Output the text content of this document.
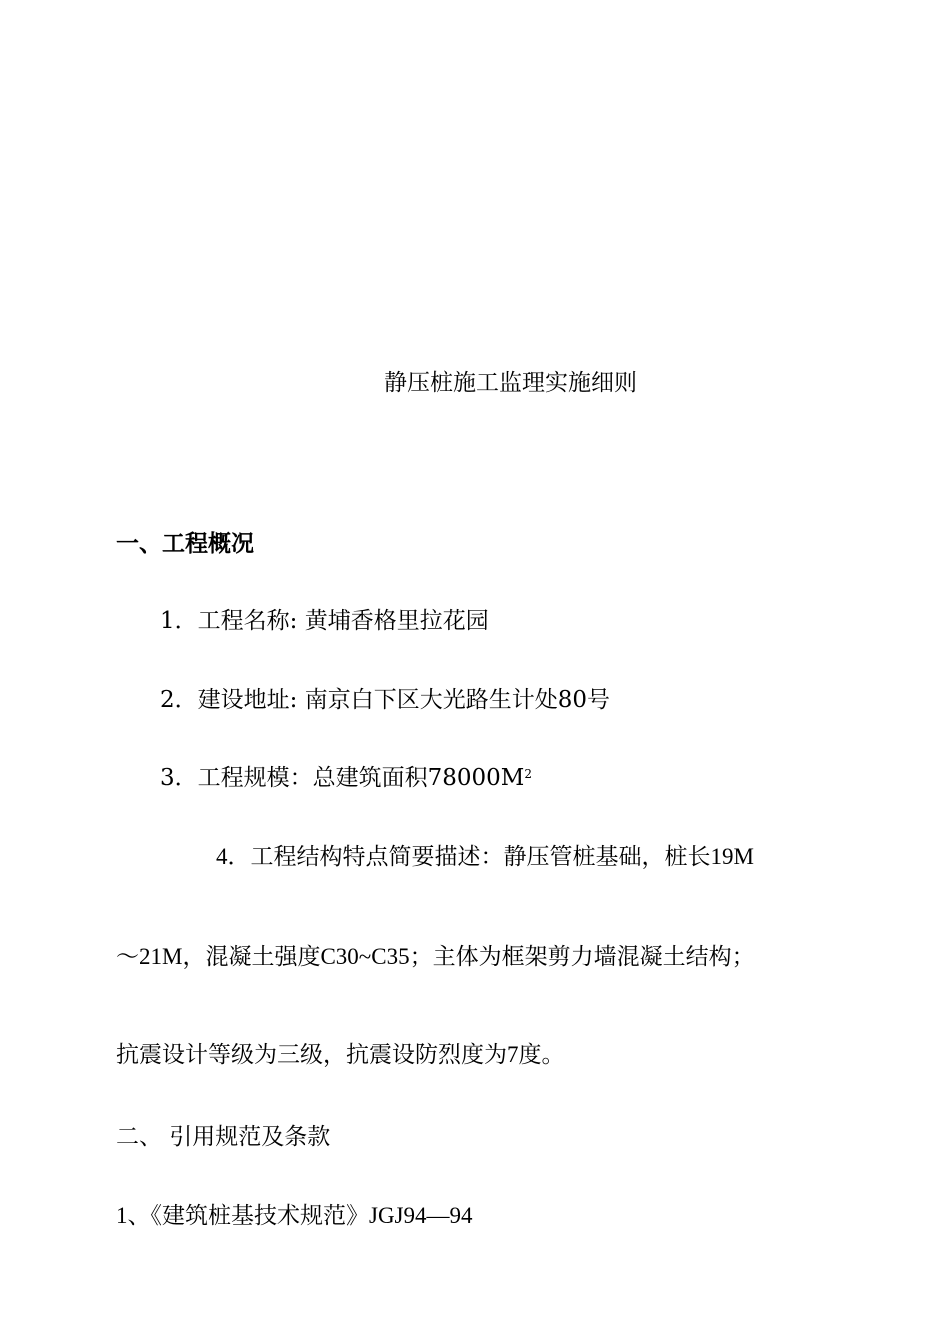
静压桩施工监理实施细则
一、工程概况
1．工程名称: 黄埔香格里拉花园
2．建设地址: 南京白下区大光路生计处80号
3．工程规模：总建筑面积$78000M^2$
4．工程结构特点简要描述：静压管桩基础，桩长19M
～21M，混凝土强度C30~C35；主体为框架剪力墙混凝土结构；
抗震设计等级为三级，抗震设防烈度为7度。
二、 引用规范及条款
1、《建筑桩基技术规范》JGJ94—94
